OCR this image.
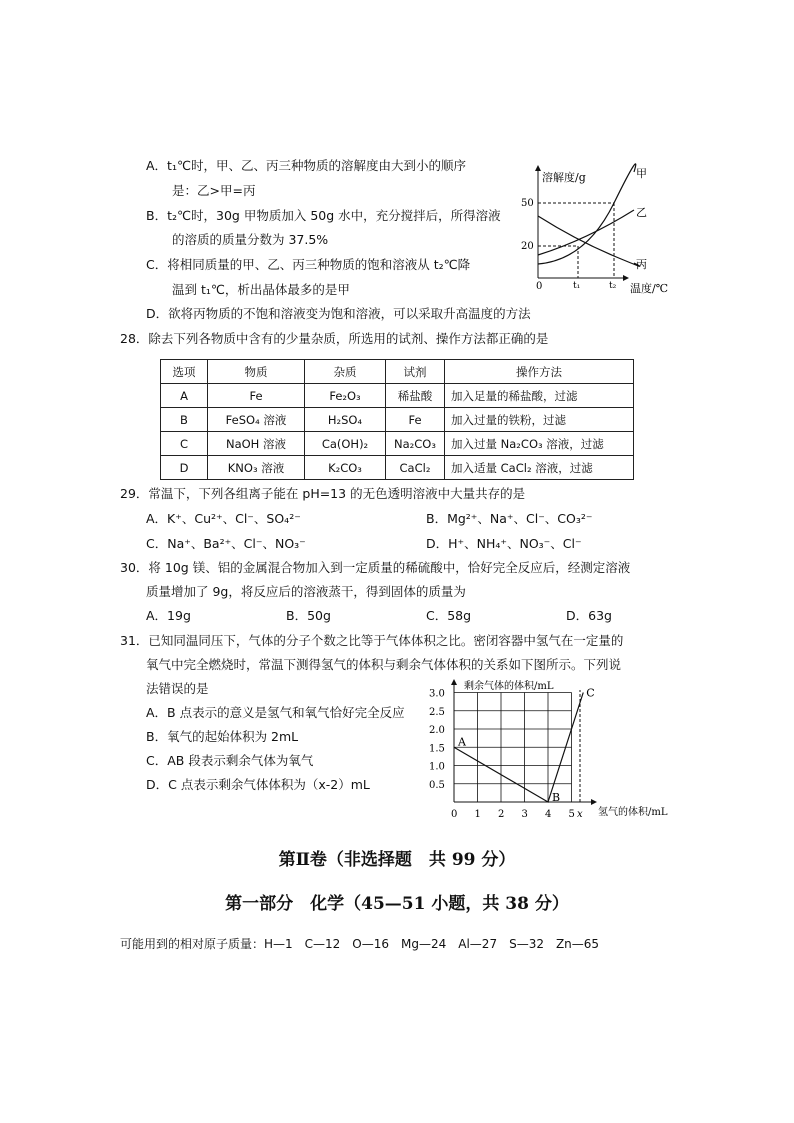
A．t₁℃时，甲、乙、丙三种物质的溶解度由大到小的顺序
是：乙>甲=丙
B．t₂℃时，30g 甲物质加入 50g 水中，充分搅拌后，所得溶液
的溶质的质量分数为 37.5%
C．将相同质量的甲、乙、丙三种物质的饱和溶液从 t₂℃降
温到 t₁℃，析出晶体最多的是甲
D．欲将丙物质的不饱和溶液变为饱和溶液，可以采取升高温度的方法
溶解度/g
温度/℃
0
50
20
t₁	t₂
甲
乙
丙
28．除去下列各物质中含有的少量杂质，所选用的试剂、操作方法都正确的是
选项	物质	杂质	试剂	操作方法
A	Fe	Fe₂O₃	稀盐酸	加入足量的稀盐酸，过滤
B	FeSO₄ 溶液	H₂SO₄	Fe	加入过量的铁粉，过滤
C	NaOH 溶液	Ca(OH)₂	Na₂CO₃	加入过量 Na₂CO₃ 溶液，过滤
D	KNO₃ 溶液	K₂CO₃	CaCl₂	加入适量 CaCl₂ 溶液，过滤
29．常温下，下列各组离子能在 pH=13 的无色透明溶液中大量共存的是
A．K⁺、Cu²⁺、Cl⁻、SO₄²⁻	B．Mg²⁺、Na⁺、Cl⁻、CO₃²⁻
C．Na⁺、Ba²⁺、Cl⁻、NO₃⁻	D．H⁺、NH₄⁺、NO₃⁻、Cl⁻
30．将 10g 镁、铝的金属混合物加入到一定质量的稀硫酸中，恰好完全反应后，经测定溶液
质量增加了 9g，将反应后的溶液蒸干，得到固体的质量为
A．19g	B．50g	C．58g	D．63g
31．已知同温同压下，气体的分子个数之比等于气体体积之比。密闭容器中氢气在一定量的
氧气中完全燃烧时，常温下测得氢气的体积与剩余气体体积的关系如下图所示。下列说
法错误的是
A．B 点表示的意义是氢气和氧气恰好完全反应
B．氧气的起始体积为 2mL
C．AB 段表示剩余气体为氧气
D．C 点表示剩余气体体积为（x-2）mL
剩余气体的体积/mL
氢气的体积/mL
3.0
2.5
2.0
1.5
1.0
0.5
0 1 2 3 4 5 x
A
B
C
第Ⅱ卷（非选择题　共 99 分）
第一部分　化学（45—51 小题，共 38 分）
可能用到的相对原子质量：H—1　C—12　O—16　Mg—24　Al—27　S—32　Zn—65
